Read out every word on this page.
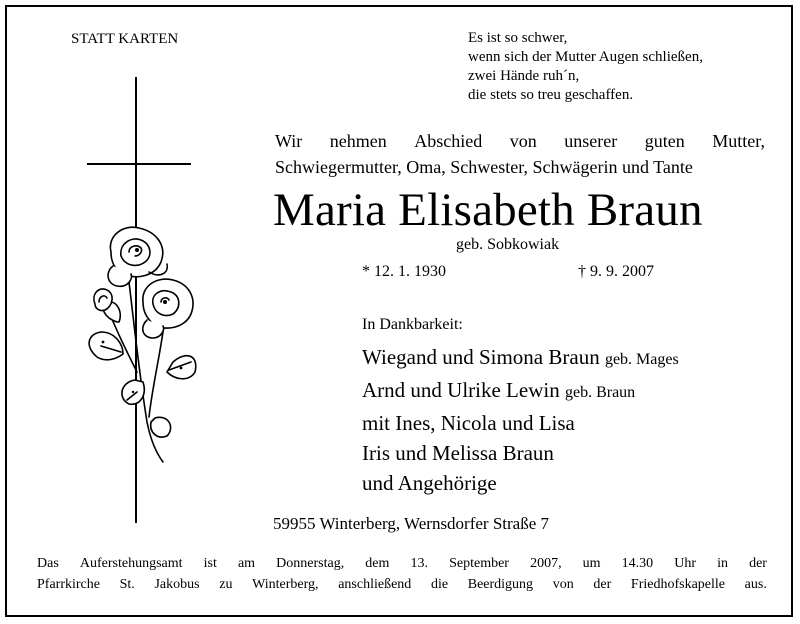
STATT KARTEN	Es ist so schwer,
wenn sich der Mutter Augen schließen,
zwei Hände ruh´n,
die stets so treu geschaffen.
Wir nehmen Abschied von unserer guten Mutter,
Schwiegermutter, Oma, Schwester, Schwägerin und Tante
Maria Elisabeth Braun
geb. Sobkowiak
* 12. 1. 1930	† 9. 9. 2007
In Dankbarkeit:
Wiegand und Simona Braun geb. Mages
Arnd und Ulrike Lewin geb. Braun
mit Ines, Nicola und Lisa
Iris und Melissa Braun
und Angehörige
59955 Winterberg, Wernsdorfer Straße 7
Das Auferstehungsamt ist am Donnerstag, dem 13. September 2007, um 14.30 Uhr in der
Pfarrkirche St. Jakobus zu Winterberg, anschließend die Beerdigung von der Friedhofskapelle aus.
